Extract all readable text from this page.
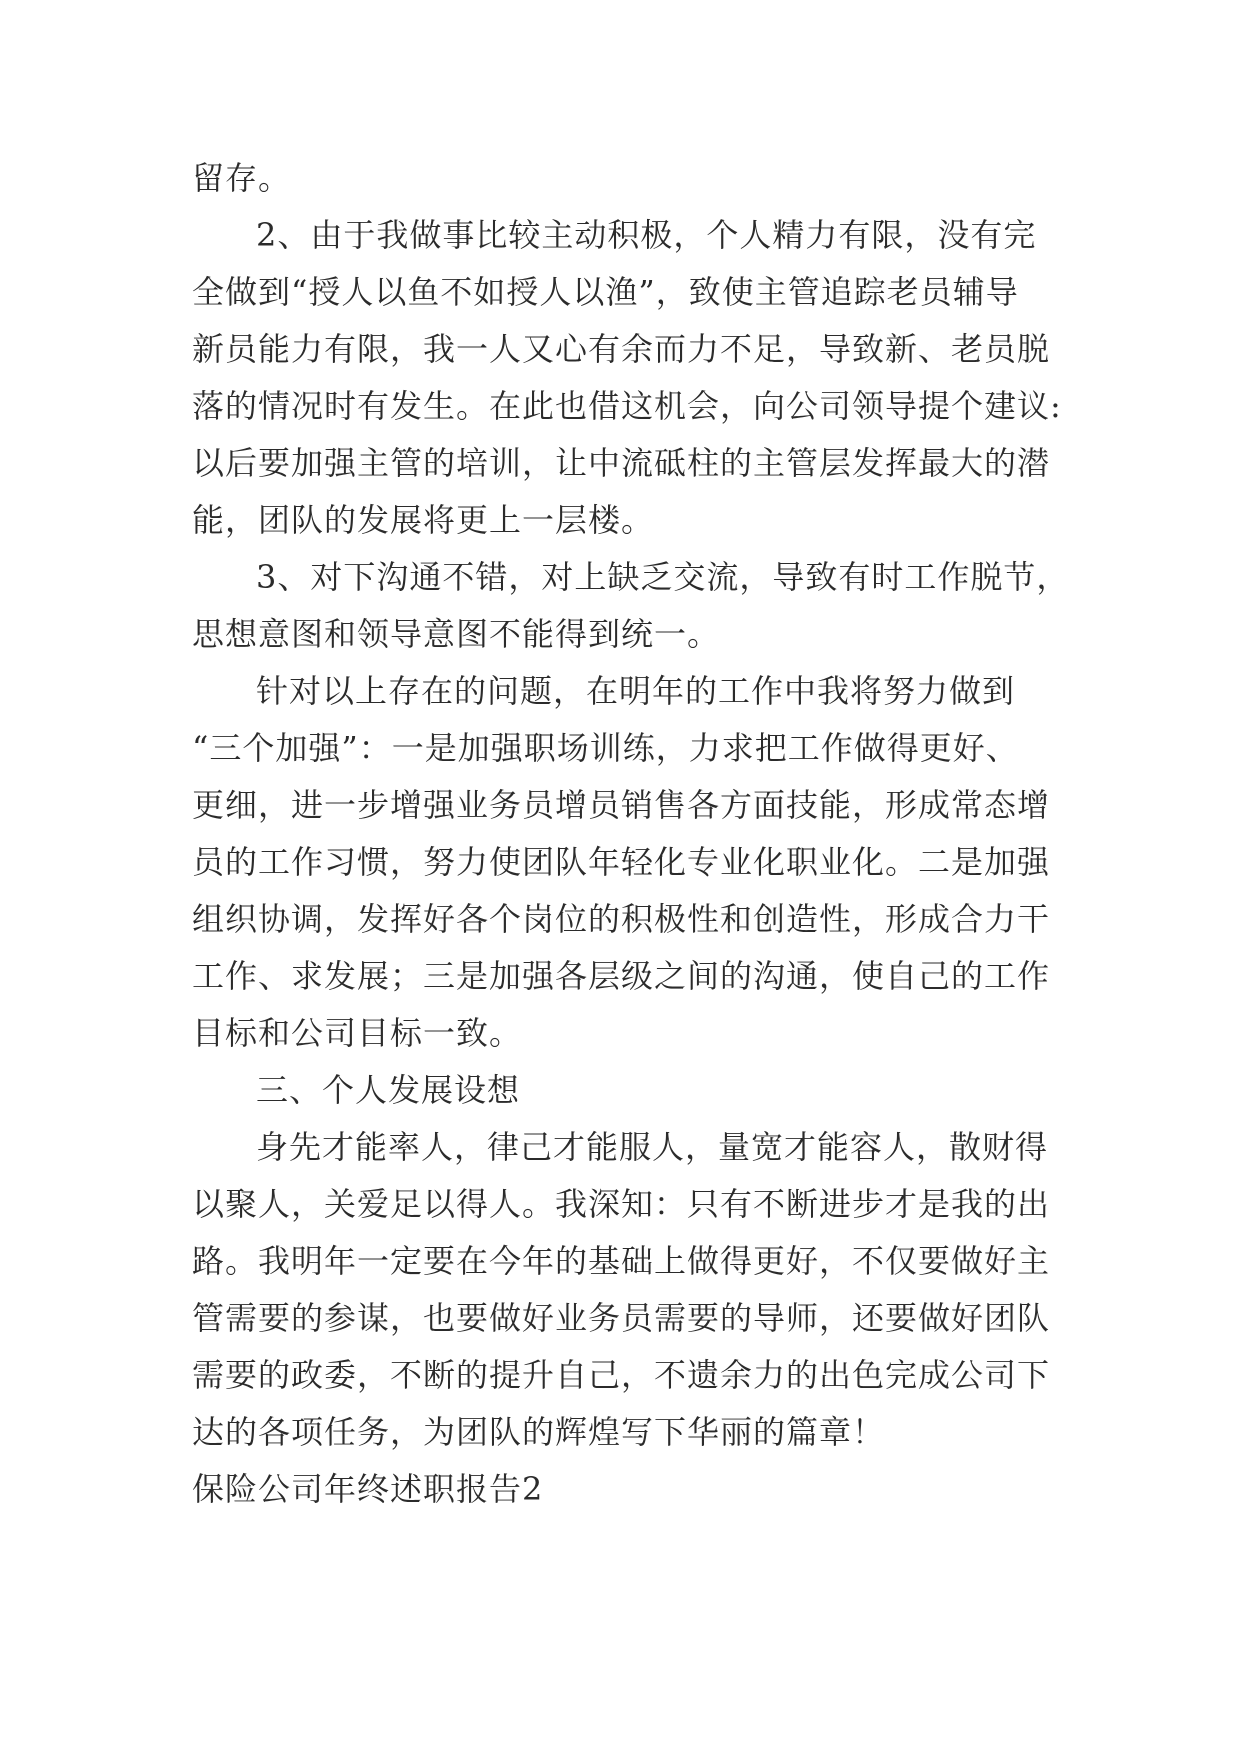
留存。
2、由于我做事比较主动积极，个人精力有限，没有完
全做到“授人以鱼不如授人以渔”，致使主管追踪老员辅导
新员能力有限，我一人又心有余而力不足，导致新、老员脱
落的情况时有发生。在此也借这机会，向公司领导提个建议:
以后要加强主管的培训，让中流砥柱的主管层发挥最大的潜
能，团队的发展将更上一层楼。
3、对下沟通不错，对上缺乏交流，导致有时工作脱节，
思想意图和领导意图不能得到统一。
针对以上存在的问题，在明年的工作中我将努力做到
“三个加强”：一是加强职场训练，力求把工作做得更好、
更细，进一步增强业务员增员销售各方面技能，形成常态增
员的工作习惯，努力使团队年轻化专业化职业化。二是加强
组织协调，发挥好各个岗位的积极性和创造性，形成合力干
工作、求发展；三是加强各层级之间的沟通，使自己的工作
目标和公司目标一致。
三、个人发展设想
身先才能率人，律己才能服人，量宽才能容人，散财得
以聚人，关爱足以得人。我深知：只有不断进步才是我的出
路。我明年一定要在今年的基础上做得更好，不仅要做好主
管需要的参谋，也要做好业务员需要的导师，还要做好团队
需要的政委，不断的提升自己，不遗余力的出色完成公司下
达的各项任务，为团队的辉煌写下华丽的篇章！
保险公司年终述职报告2
